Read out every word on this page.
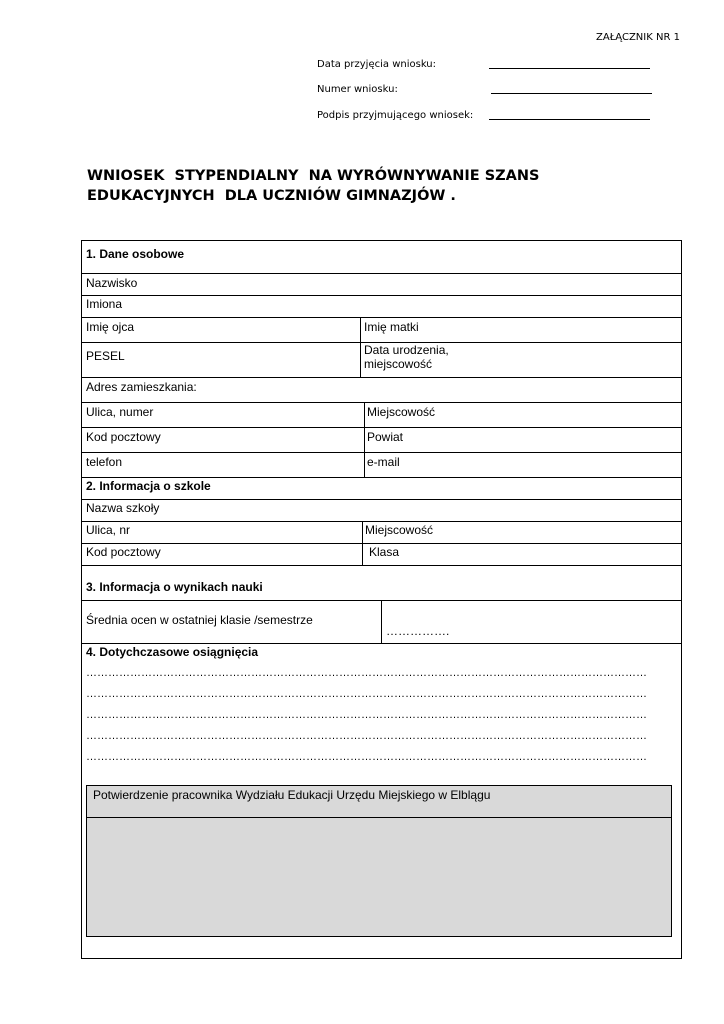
ZAŁĄCZNIK NR 1
Data przyjęcia wniosku:
Numer wniosku:
Podpis przyjmującego wniosek:
WNIOSEK  STYPENDIALNY  NA WYRÓWNYWANIE SZANS
EDUKACYJNYCH  DLA UCZNIÓW GIMNAZJÓW .
1. Dane osobowe
Nazwisko
Imiona
Imię ojca	Imię matki
PESEL	Data urodzenia,
miejscowość
Adres zamieszkania:
Ulica, numer	Miejscowość
Kod pocztowy	Powiat
telefon	e-mail
2. Informacja o szkole
Nazwa szkoły
Ulica, nr	Miejscowość
Kod pocztowy	Klasa
3. Informacja o wynikach nauki
Średnia ocen w ostatniej klasie /semestrze
…………….
4. Dotychczasowe osiągnięcia
………………………………………………………………………………………………………………………………………
………………………………………………………………………………………………………………………………………
………………………………………………………………………………………………………………………………………
………………………………………………………………………………………………………………………………………
………………………………………………………………………………………………………………………………………
Potwierdzenie pracownika Wydziału Edukacji Urzędu Miejskiego w Elblągu
